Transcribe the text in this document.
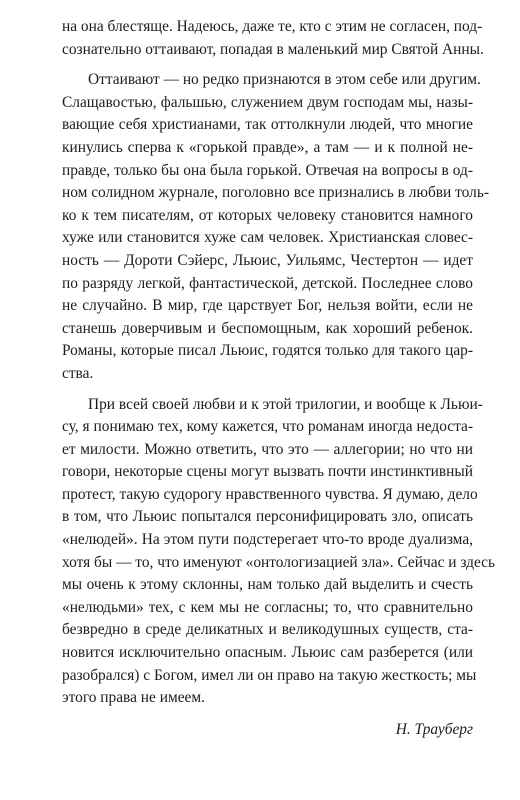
на она блестяще. Надеюсь, даже те, кто с этим не согласен, под-
сознательно оттаивают, попадая в маленький мир Святой Анны.
Оттаивают — но редко признаются в этом себе или другим.
Слащавостью, фальшью, служением двум господам мы, назы-
вающие себя христианами, так оттолкнули людей, что многие
кинулись сперва к «горькой правде», а там — и к полной не-
правде, только бы она была горькой. Отвечая на вопросы в од-
ном солидном журнале, поголовно все признались в любви толь-
ко к тем писателям, от которых человеку становится намного
хуже или становится хуже сам человек. Христианская словес-
ность — Дороти Сэйерс, Льюис, Уильямс, Честертон — идет
по разряду легкой, фантастической, детской. Последнее слово
не случайно. В мир, где царствует Бог, нельзя войти, если не
станешь доверчивым и беспомощным, как хороший ребенок.
Романы, которые писал Льюис, годятся только для такого цар-
ства.
При всей своей любви и к этой трилогии, и вообще к Льюи-
су, я понимаю тех, кому кажется, что романам иногда недоста-
ет милости. Можно ответить, что это — аллегории; но что ни
говори, некоторые сцены могут вызвать почти инстинктивный
протест, такую судорогу нравственного чувства. Я думаю, дело
в том, что Льюис попытался персонифицировать зло, описать
«нелюдей». На этом пути подстерегает что-то вроде дуализма,
хотя бы — то, что именуют «онтологизацией зла». Сейчас и здесь
мы очень к этому склонны, нам только дай выделить и счесть
«нелюдьми» тех, с кем мы не согласны; то, что сравнительно
безвредно в среде деликатных и великодушных существ, ста-
новится исключительно опасным. Льюис сам разберется (или
разобрался) с Богом, имел ли он право на такую жесткость; мы
этого права не имеем.
Н. Трауберг
